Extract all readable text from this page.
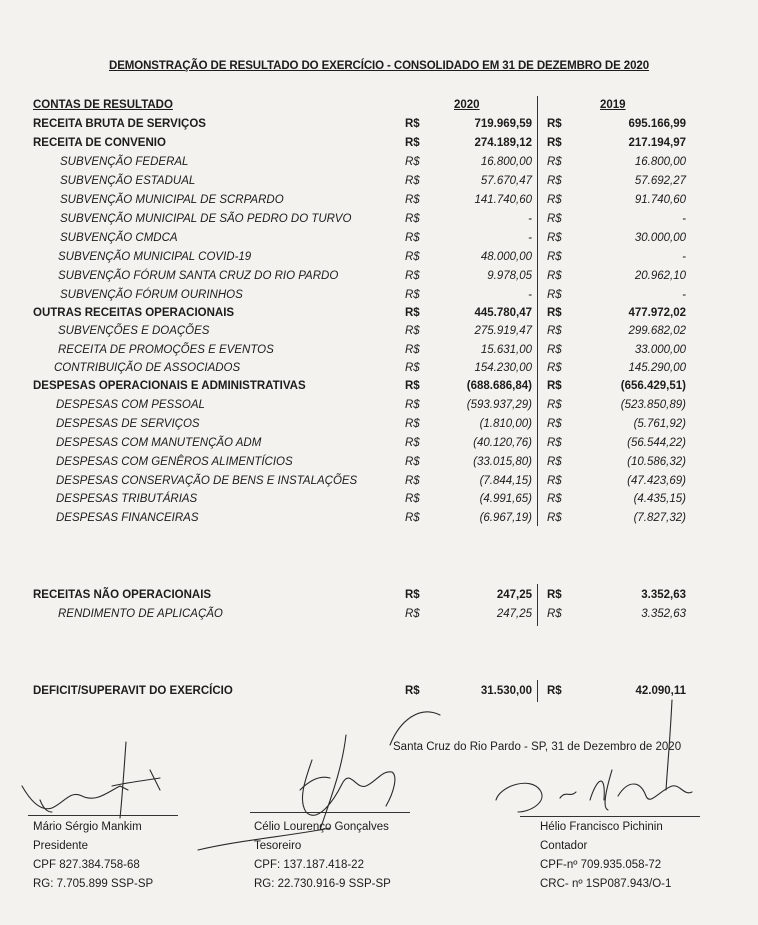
DEMONSTRAÇÃO DE RESULTADO DO EXERCÍCIO - CONSOLIDADO EM 31 DE DEZEMBRO DE 2020
CONTAS DE RESULTADO	2020	2019
RECEITA BRUTA DE SERVIÇOS	R$	719.969,59 R$	695.166,99
RECEITA DE CONVENIO	R$	274.189,12 R$	217.194,97
SUBVENÇÃO FEDERAL	R$	16.800,00 R$	16.800,00
SUBVENÇÃO ESTADUAL	R$	57.670,47 R$	57.692,27
SUBVENÇÃO MUNICIPAL DE SCRPARDO	R$	141.740,60 R$	91.740,60
SUBVENÇÃO MUNICIPAL DE SÃO PEDRO DO TURVO	R$	- R$	-
SUBVENÇÃO CMDCA	R$	- R$	30.000,00
SUBVENÇÃO MUNICIPAL COVID-19	R$	48.000,00 R$	-
SUBVENÇÃO FÓRUM SANTA CRUZ DO RIO PARDO	R$	9.978,05 R$	20.962,10
SUBVENÇÃO FÓRUM OURINHOS	R$	- R$	-
OUTRAS RECEITAS OPERACIONAIS	R$	445.780,47 R$	477.972,02
SUBVENÇÕES E DOAÇÕES	R$	275.919,47 R$	299.682,02
RECEITA DE PROMOÇÕES E EVENTOS	R$	15.631,00 R$	33.000,00
CONTRIBUIÇÃO DE ASSOCIADOS	R$	154.230,00 R$	145.290,00
DESPESAS OPERACIONAIS E ADMINISTRATIVAS	R$	(688.686,84) R$	(656.429,51)
DESPESAS COM PESSOAL	R$	(593.937,29) R$	(523.850,89)
DESPESAS DE SERVIÇOS	R$	(1.810,00) R$	(5.761,92)
DESPESAS COM MANUTENÇÃO ADM	R$	(40.120,76) R$	(56.544,22)
DESPESAS COM GENÊROS ALIMENTÍCIOS	R$	(33.015,80) R$	(10.586,32)
DESPESAS CONSERVAÇÃO DE BENS E INSTALAÇÕES	R$	(7.844,15) R$	(47.423,69)
DESPESAS TRIBUTÁRIAS	R$	(4.991,65) R$	(4.435,15)
DESPESAS FINANCEIRAS	R$	(6.967,19) R$	(7.827,32)
RECEITAS NÃO OPERACIONAIS	R$	247,25 R$	3.352,63
RENDIMENTO DE APLICAÇÃO	R$	247,25 R$	3.352,63
DEFICIT/SUPERAVIT DO EXERCÍCIO	R$	31.530,00 R$	42.090,11
Santa Cruz do Rio Pardo - SP, 31 de Dezembro de 2020
Mário Sérgio Mankim
Presidente
CPF 827.384.758-68
RG: 7.705.899 SSP-SP
Célio Lourenço Gonçalves
Tesoreiro
CPF: 137.187.418-22
RG: 22.730.916-9 SSP-SP
Hélio Francisco Pichinin
Contador
CPF-nº 709.935.058-72
CRC- nº 1SP087.943/O-1
